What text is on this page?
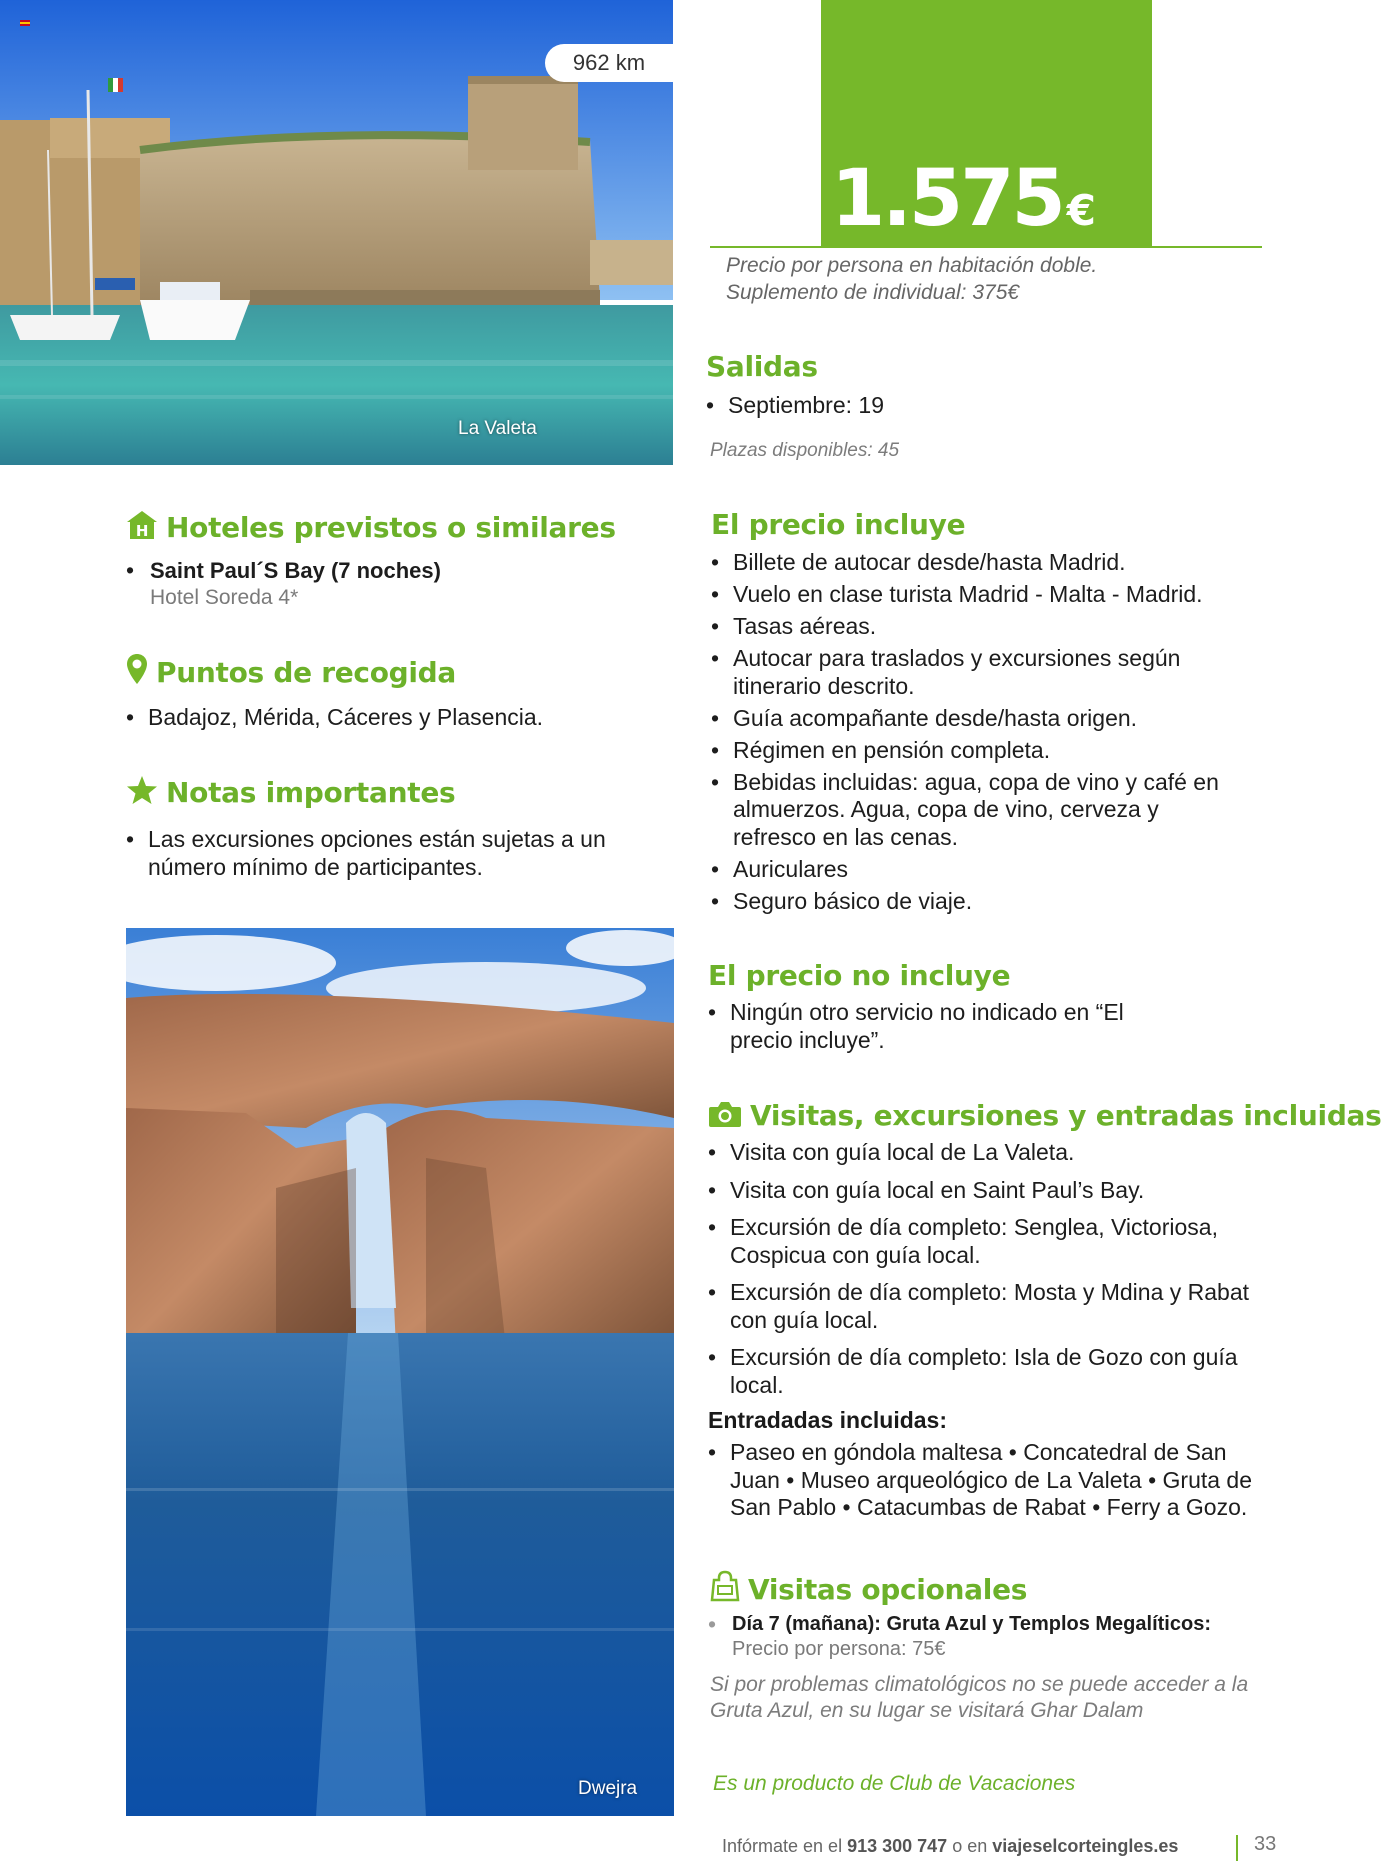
962 km
La Valeta
1.575€
Precio por persona en habitación doble.
Suplemento de individual: 375€
Salidas
• Septiembre: 19
Plazas disponibles: 45
H Hoteles previstos o similares
• Saint Paul´S Bay (7 noches)
Hotel Soreda 4*
Puntos de recogida
• Badajoz, Mérida, Cáceres y Plasencia.
Notas importantes
• Las excursiones opciones están sujetas a un número mínimo de participantes.
Dwejra
El precio incluye
• Billete de autocar desde/hasta Madrid.
• Vuelo en clase turista Madrid - Malta - Madrid.
• Tasas aéreas.
• Autocar para traslados y excursiones según itinerario descrito.
• Guía acompañante desde/hasta origen.
• Régimen en pensión completa.
• Bebidas incluidas: agua, copa de vino y café en almuerzos. Agua, copa de vino, cerveza y refresco en las cenas.
• Auriculares
• Seguro básico de viaje.
El precio no incluye
• Ningún otro servicio no indicado en “El precio incluye”.
Visitas, excursiones y entradas incluidas
• Visita con guía local de La Valeta.
• Visita con guía local en Saint Paul’s Bay.
• Excursión de día completo: Senglea, Victoriosa, Cospicua con guía local.
• Excursión de día completo: Mosta y Mdina y Rabat con guía local.
• Excursión de día completo: Isla de Gozo con guía local.
Entradadas incluidas:
• Paseo en góndola maltesa • Concatedral de San Juan • Museo arqueológico de La Valeta • Gruta de San Pablo • Catacumbas de Rabat • Ferry a Gozo.
Visitas opcionales
• Día 7 (mañana): Gruta Azul y Templos Megalíticos:
Precio por persona: 75€
Si por problemas climatológicos no se puede acceder a la Gruta Azul, en su lugar se visitará Ghar Dalam
Es un producto de Club de Vacaciones
Infórmate en el 913 300 747 o en viajeselcorteingles.es	33
